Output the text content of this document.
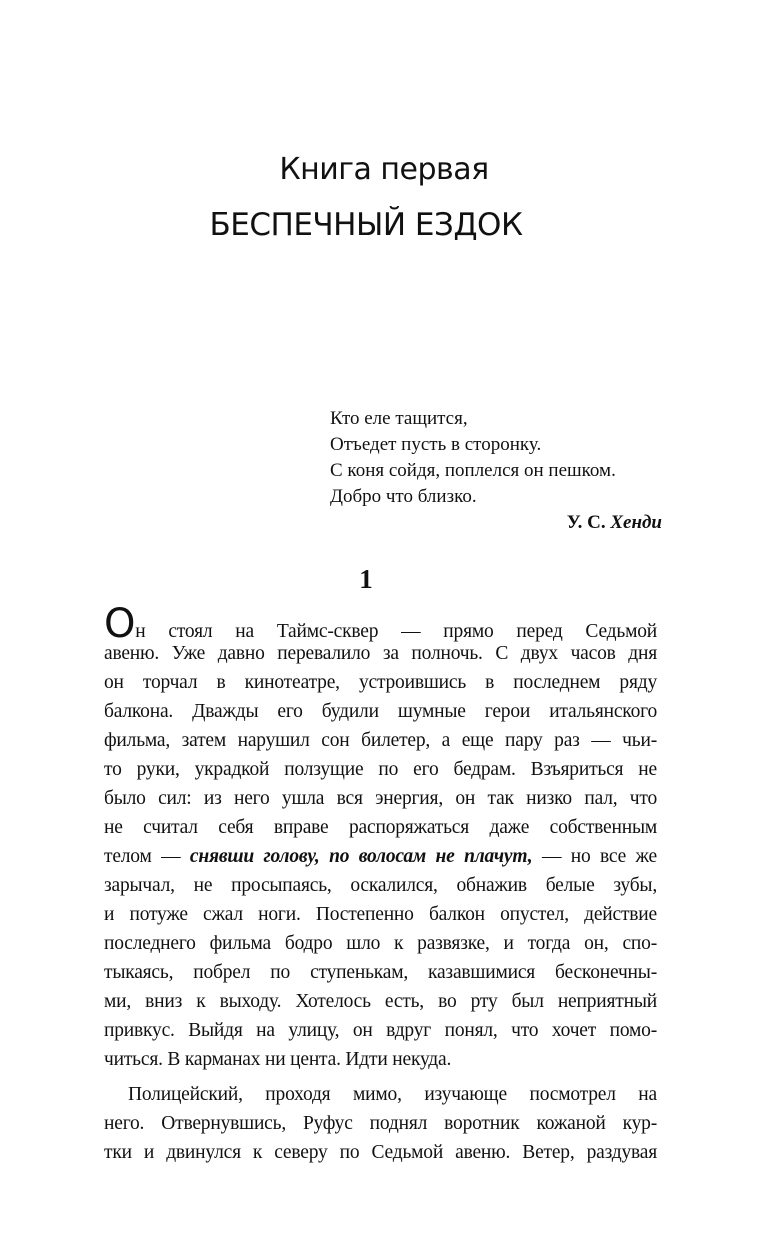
Книга первая
БЕСПЕЧНЫЙ ЕЗДОК
Кто еле тащится,
Отъедет пусть в сторонку.
С коня сойдя, поплелся он пешком.
Добро что близко.
У. С. Хенди
1
Он стоял на Таймс-сквер — прямо перед Седьмой
авеню. Уже давно перевалило за полночь. С двух часов дня
он торчал в кинотеатре, устроившись в последнем ряду
балкона. Дважды его будили шумные герои итальянского
фильма, затем нарушил сон билетер, а еще пару раз — чьи-
то руки, украдкой ползущие по его бедрам. Взъяриться не
было сил: из него ушла вся энергия, он так низко пал, что
не считал себя вправе распоряжаться даже собственным
телом — снявши голову, по волосам не плачут, — но все же
зарычал, не просыпаясь, оскалился, обнажив белые зубы,
и потуже сжал ноги. Постепенно балкон опустел, действие
последнего фильма бодро шло к развязке, и тогда он, спо-
тыкаясь, побрел по ступенькам, казавшимися бесконечны-
ми, вниз к выходу. Хотелось есть, во рту был неприятный
привкус. Выйдя на улицу, он вдруг понял, что хочет помо-
читься. В карманах ни цента. Идти некуда.
Полицейский, проходя мимо, изучающе посмотрел на
него. Отвернувшись, Руфус поднял воротник кожаной кур-
тки и двинулся к северу по Седьмой авеню. Ветер, раздувая
